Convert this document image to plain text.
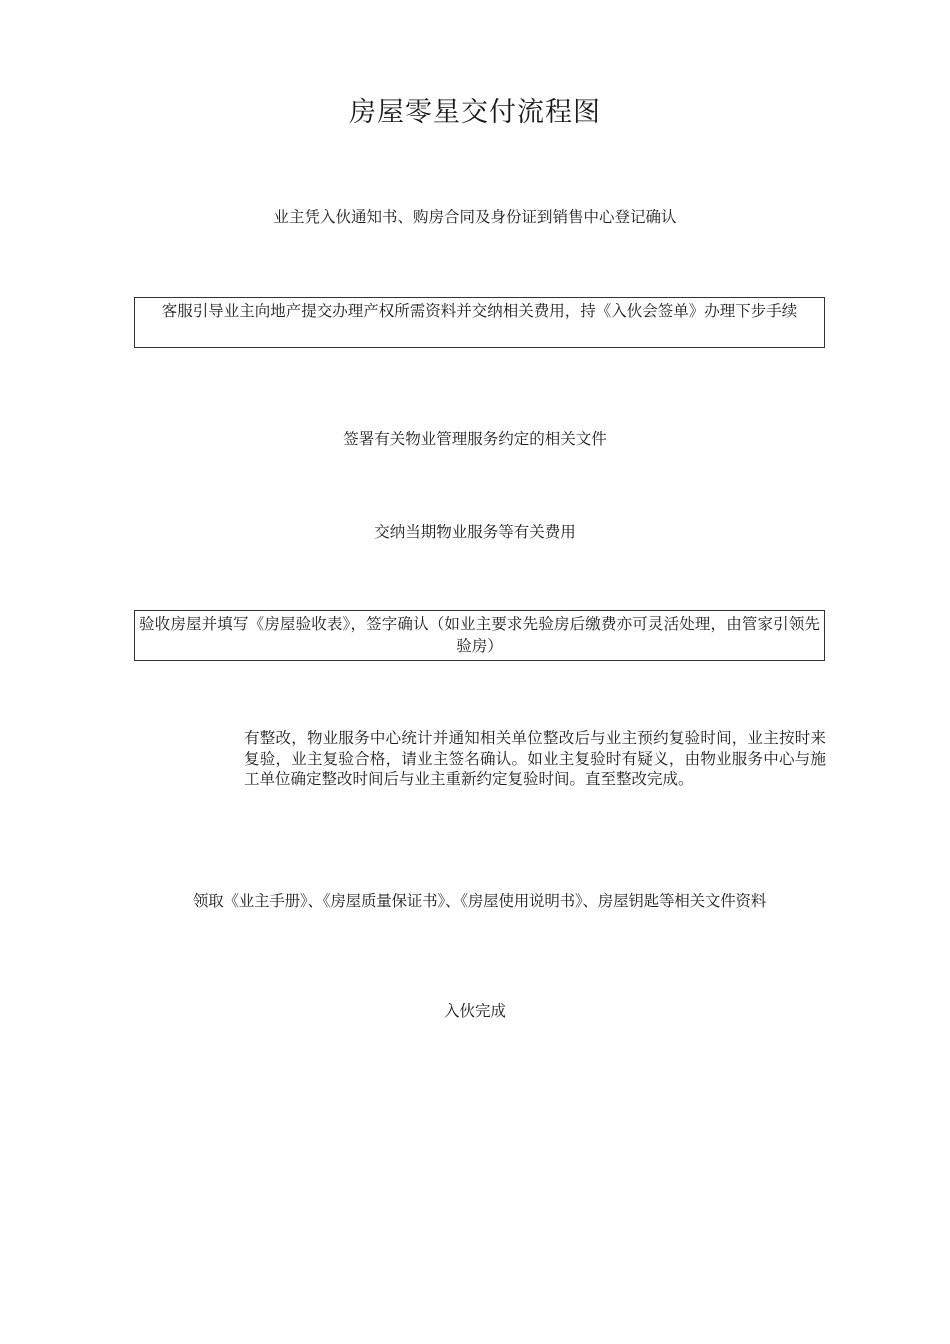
房屋零星交付流程图
业主凭入伙通知书、购房合同及身份证到销售中心登记确认
客服引导业主向地产提交办理产权所需资料并交纳相关费用，持《入伙会签单》办理下步手续
签署有关物业管理服务约定的相关文件
交纳当期物业服务等有关费用
验收房屋并填写《房屋验收表》，签字确认（如业主要求先验房后缴费亦可灵活处理，由管家引领先验房）
有整改，物业服务中心统计并通知相关单位整改后与业主预约复验时间，业主按时来复验，业主复验合格，请业主签名确认。如业主复验时有疑义，由物业服务中心与施工单位确定整改时间后与业主重新约定复验时间。直至整改完成。
领取《业主手册》、《房屋质量保证书》、《房屋使用说明书》、房屋钥匙等相关文件资料
入伙完成
